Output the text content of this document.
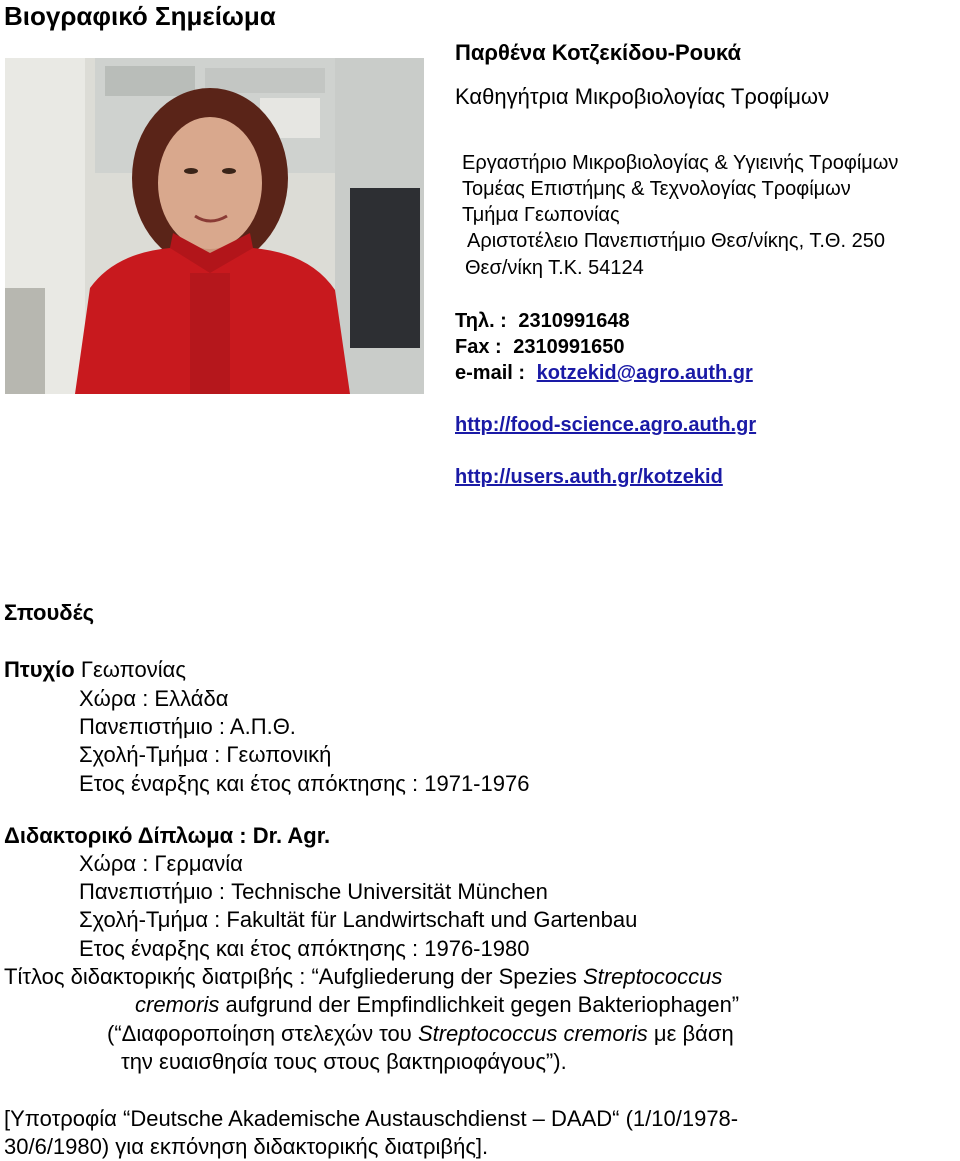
Βιογραφικό Σημείωμα
Παρθένα Κοτζεκίδου-Ρουκά
Καθηγήτρια Μικροβιολογίας Τροφίμων
Εργαστήριο Μικροβιολογίας & Υγιεινής Τροφίμων
Τομέας Επιστήμης & Τεχνολογίας Τροφίμων
Τμήμα Γεωπονίας
Αριστοτέλειο Πανεπιστήμιο Θεσ/νίκης, Τ.Θ. 250
Θεσ/νίκη Τ.Κ. 54124
Τηλ. : 2310991648
Fax : 2310991650
e-mail : kotzekid@agro.auth.gr
http://food-science.agro.auth.gr
http://users.auth.gr/kotzekid
Σπουδές
Πτυχίο Γεωπονίας
Χώρα : Ελλάδα
Πανεπιστήμιο : Α.Π.Θ.
Σχολή-Τμήμα : Γεωπονική
Ετος έναρξης και έτος απόκτησης : 1971-1976
Διδακτορικό Δίπλωμα : Dr. Agr.
Χώρα : Γερμανία
Πανεπιστήμιο : Technische Universität München
Σχολή-Τμήμα : Fakultät für Landwirtschaft und Gartenbau
Ετος έναρξης και έτος απόκτησης : 1976-1980
Τίτλος διδακτορικής διατριβής : “Aufgliederung der Spezies Streptococcus
cremoris aufgrund der Empfindlichkeit gegen Bakteriophagen”
(“Διαφοροποίηση στελεχών του Streptococcus cremoris με βάση
την ευαισθησία τους στους βακτηριοφάγους”).
[Υποτροφία “Deutsche Akademische Austauschdienst – DAAD“ (1/10/1978-
30/6/1980) για εκπόνηση διδακτορικής διατριβής].
